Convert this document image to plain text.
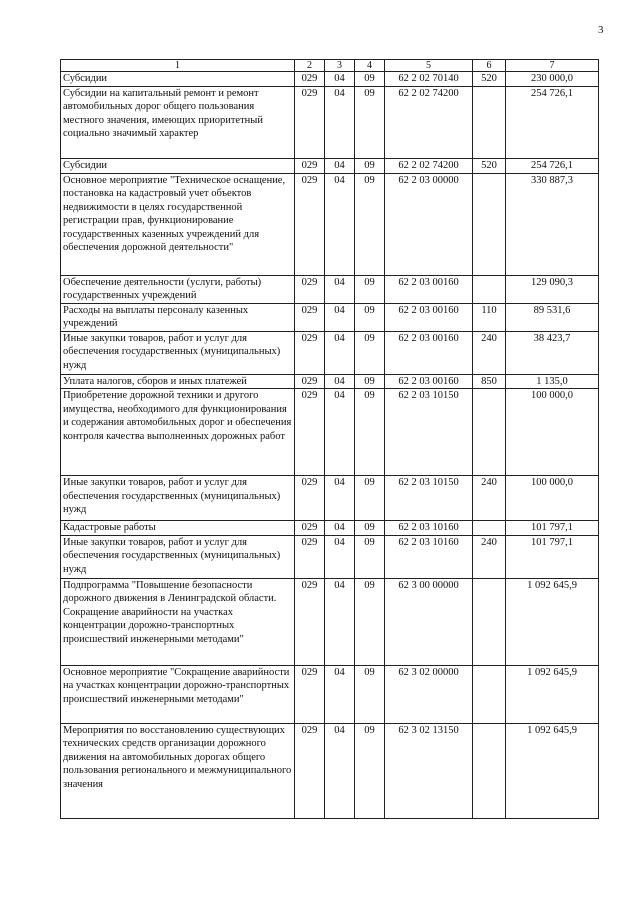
3
1	2	3	4	5	6	7
Субсидии	029	04	09	62 2 02 70140	520	230 000,0
Субсидии на капитальный ремонт и ремонт автомобильных дорог общего пользования местного значения, имеющих приоритетный социально значимый характер	029	04	09	62 2 02 74200		254 726,1
Субсидии	029	04	09	62 2 02 74200	520	254 726,1
Основное мероприятие "Техническое оснащение, постановка на кадастровый учет объектов недвижимости в целях государственной регистрации прав, функционирование государственных казенных учреждений для обеспечения дорожной деятельности"	029	04	09	62 2 03 00000		330 887,3
Обеспечение деятельности (услуги, работы) государственных учреждений	029	04	09	62 2 03 00160		129 090,3
Расходы на выплаты персоналу казенных учреждений	029	04	09	62 2 03 00160	110	89 531,6
Иные закупки товаров, работ и услуг для обеспечения государственных (муниципальных) нужд	029	04	09	62 2 03 00160	240	38 423,7
Уплата налогов, сборов и иных платежей	029	04	09	62 2 03 00160	850	1 135,0
Приобретение дорожной техники и другого имущества, необходимого для функционирования и содержания автомобильных дорог и обеспечения контроля качества выполненных дорожных работ	029	04	09	62 2 03 10150		100 000,0
Иные закупки товаров, работ и услуг для обеспечения государственных (муниципальных) нужд	029	04	09	62 2 03 10150	240	100 000,0
Кадастровые работы	029	04	09	62 2 03 10160		101 797,1
Иные закупки товаров, работ и услуг для обеспечения государственных (муниципальных) нужд	029	04	09	62 2 03 10160	240	101 797,1
Подпрограмма "Повышение безопасности дорожного движения в Ленинградской области. Сокращение аварийности на участках концентрации дорожно-транспортных происшествий инженерными методами"	029	04	09	62 3 00 00000		1 092 645,9
Основное мероприятие "Сокращение аварийности на участках концентрации дорожно-транспортных происшествий инженерными методами"	029	04	09	62 3 02 00000		1 092 645,9
Мероприятия по восстановлению существующих технических средств организации дорожного движения на автомобильных дорогах общего пользования регионального и межмуниципального значения	029	04	09	62 3 02 13150		1 092 645,9
